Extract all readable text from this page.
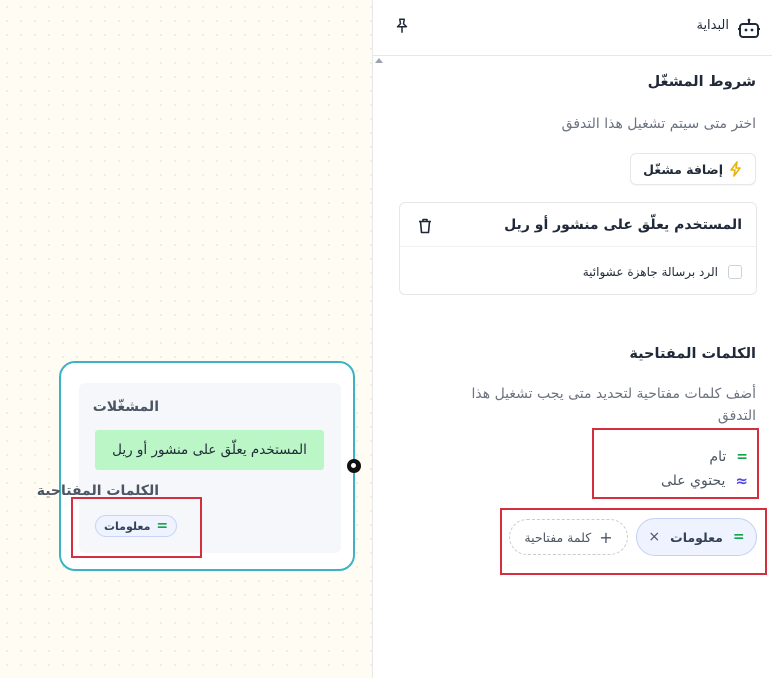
المشغّلات
المستخدم يعلّق على منشور أو ريل
الكلمات المفتاحية
=
معلومات
البداية
شروط المشغّل
اختر متى سيتم تشغيل هذا التدفق
إضافة مشغّل
المستخدم يعلّق على منشور أو ريل
الرد برسالة جاهزة عشوائية
الكلمات المفتاحية
أضف كلمات مفتاحية لتحديد متى يجب تشغيل هذا
التدفق
=
تام
≈
يحتوي على
=
معلومات
×
+
كلمة مفتاحية
